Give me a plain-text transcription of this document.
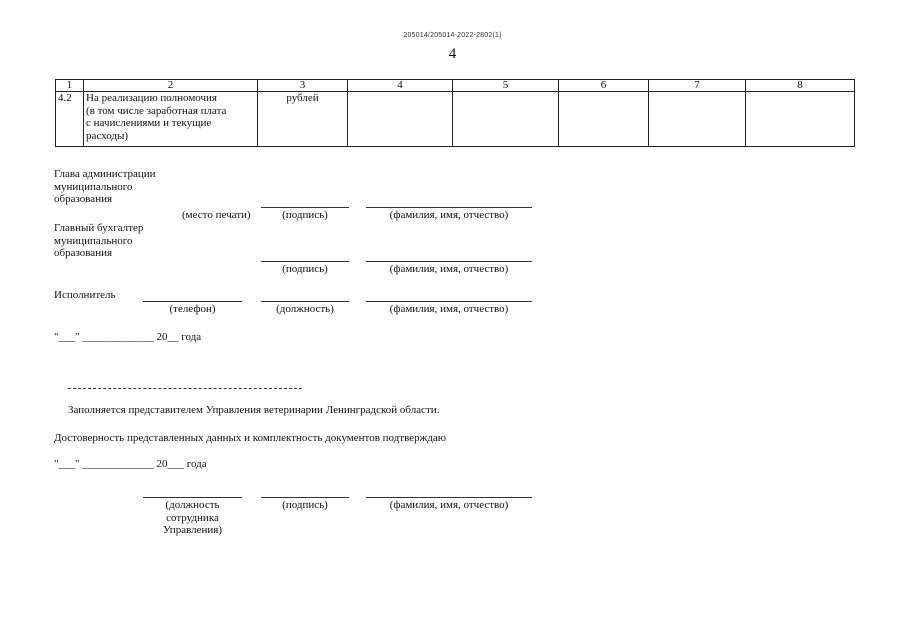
205014/205014-2022-2802(1)
4
1	2	3	4	5	6	7	8
4.2	На реализацию полномочия
(в том числе заработная плата
с начислениями и текущие
расходы)	рублей					
Глава администрации
муниципального
образования
(место печати)	(подпись)	(фамилия, имя, отчество)
Главный бухгалтер
муниципального
образования
(подпись)	(фамилия, имя, отчество)
Исполнитель
(телефон)	(должность)	(фамилия, имя, отчество)
"___" _____________ 20__ года
Заполняется представителем Управления ветеринарии Ленинградской области.
Достоверность представленных данных и комплектность документов подтверждаю
"___" _____________ 20___ года
(должность
сотрудника
Управления)
(подпись)	(фамилия, имя, отчество)
